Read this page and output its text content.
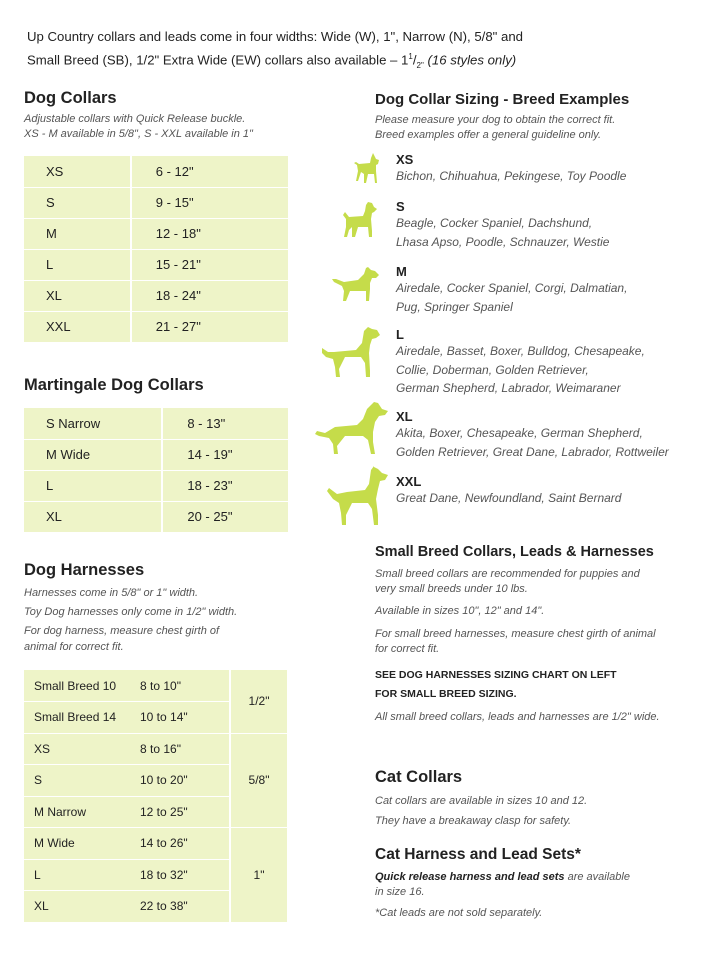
Up Country collars and leads come in four widths: Wide (W), 1", Narrow (N), 5/8" and
Small Breed (SB), 1/2" Extra Wide (EW) collars also available – $1^1/_{2"}$ (16 styles only)
Dog Collars
Adjustable collars with Quick Release buckle.
XS - M available in 5/8", S - XXL available in 1"
XS	6 - 12"
S	9 - 15"
M	12 - 18"
L	15 - 21"
XL	18 - 24"
XXL	21 - 27"
Martingale Dog Collars
S Narrow	8 - 13"
M Wide	14 - 19"
L	18 - 23"
XL	20 - 25"
Dog Harnesses
Harnesses come in 5/8" or 1" width.
Toy Dog harnesses only come in 1/2" width.
For dog harness, measure chest girth of
animal for correct fit.
Small Breed 10	8 to 10"	1/2"
Small Breed 14	10 to 14"	
XS	8 to 16"	5/8"
S	10 to 20"	
M Narrow	12 to 25"	
M Wide	14 to 26"	1"
L	18 to 32"	
XL	22 to 38"	
Dog Collar Sizing - Breed Examples
Please measure your dog to obtain the correct fit.
Breed examples offer a general guideline only.
XS
Bichon, Chihuahua, Pekingese, Toy Poodle
S
Beagle, Cocker Spaniel, Dachshund,
Lhasa Apso, Poodle, Schnauzer, Westie
M
Airedale, Cocker Spaniel, Corgi, Dalmatian,
Pug, Springer Spaniel
L
Airedale, Basset, Boxer, Bulldog, Chesapeake,
Collie, Doberman, Golden Retriever,
German Shepherd, Labrador, Weimaraner
XL
Akita, Boxer, Chesapeake, German Shepherd,
Golden Retriever, Great Dane, Labrador, Rottweiler
XXL
Great Dane, Newfoundland, Saint Bernard
Small Breed Collars, Leads & Harnesses
Small breed collars are recommended for puppies and
very small breeds under 10 lbs.
Available in sizes 10", 12" and 14".
For small breed harnesses, measure chest girth of animal
for correct fit.
SEE DOG HARNESSES SIZING CHART ON LEFT
FOR SMALL BREED SIZING.
All small breed collars, leads and harnesses are 1/2" wide.
Cat Collars
Cat collars are available in sizes 10 and 12.
They have a breakaway clasp for safety.
Cat Harness and Lead Sets*
Quick release harness and lead sets are available
in size 16.
*Cat leads are not sold separately.
